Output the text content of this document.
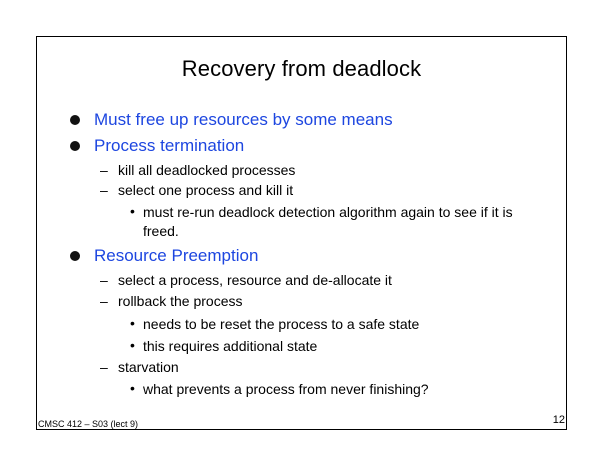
Recovery from deadlock
Must free up resources by some means
Process termination
– kill all deadlocked processes
– select one process and kill it
• must re-run deadlock detection algorithm again to see if it is freed.
Resource Preemption
– select a process, resource and de-allocate it
– rollback the process
• needs to be reset the process to a safe state
• this requires additional state
– starvation
• what prevents a process from never finishing?
CMSC 412 – S03 (lect 9)	12
